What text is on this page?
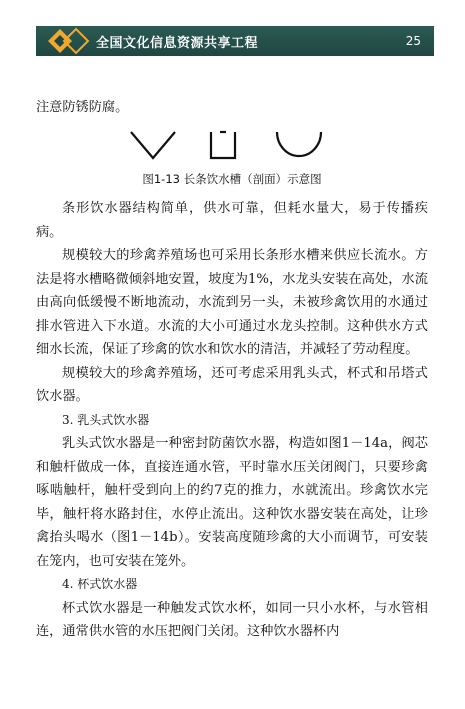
全国文化信息资源共享工程	25

注意防锈防腐。

图1-13 长条饮水槽（剖面）示意图

条形饮水器结构简单，供水可靠，但耗水量大，易于传播疾病。

规模较大的珍禽养殖场也可采用长条形水槽来供应长流水。方法是将水槽略微倾斜地安置，坡度为1%，水龙头安装在高处，水流由高向低缓慢不断地流动，水流到另一头，未被珍禽饮用的水通过排水管进入下水道。水流的大小可通过水龙头控制。这种供水方式细水长流，保证了珍禽的饮水和饮水的清洁，并减轻了劳动程度。

规模较大的珍禽养殖场，还可考虑采用乳头式，杯式和吊塔式饮水器。

3. 乳头式饮水器

乳头式饮水器是一种密封防菌饮水器，构造如图1－14a，阀芯和触杆做成一体，直接连通水管，平时靠水压关闭阀门，只要珍禽啄啮触杆，触杆受到向上的约7克的推力，水就流出。珍禽饮水完毕，触杆将水路封住，水停止流出。这种饮水器安装在高处，让珍禽抬头喝水（图1－14b）。安装高度随珍禽的大小而调节，可安装在笼内，也可安装在笼外。

4. 杯式饮水器

杯式饮水器是一种触发式饮水杯，如同一只小水杯，与水管相连，通常供水管的水压把阀门关闭。这种饮水器杯内
